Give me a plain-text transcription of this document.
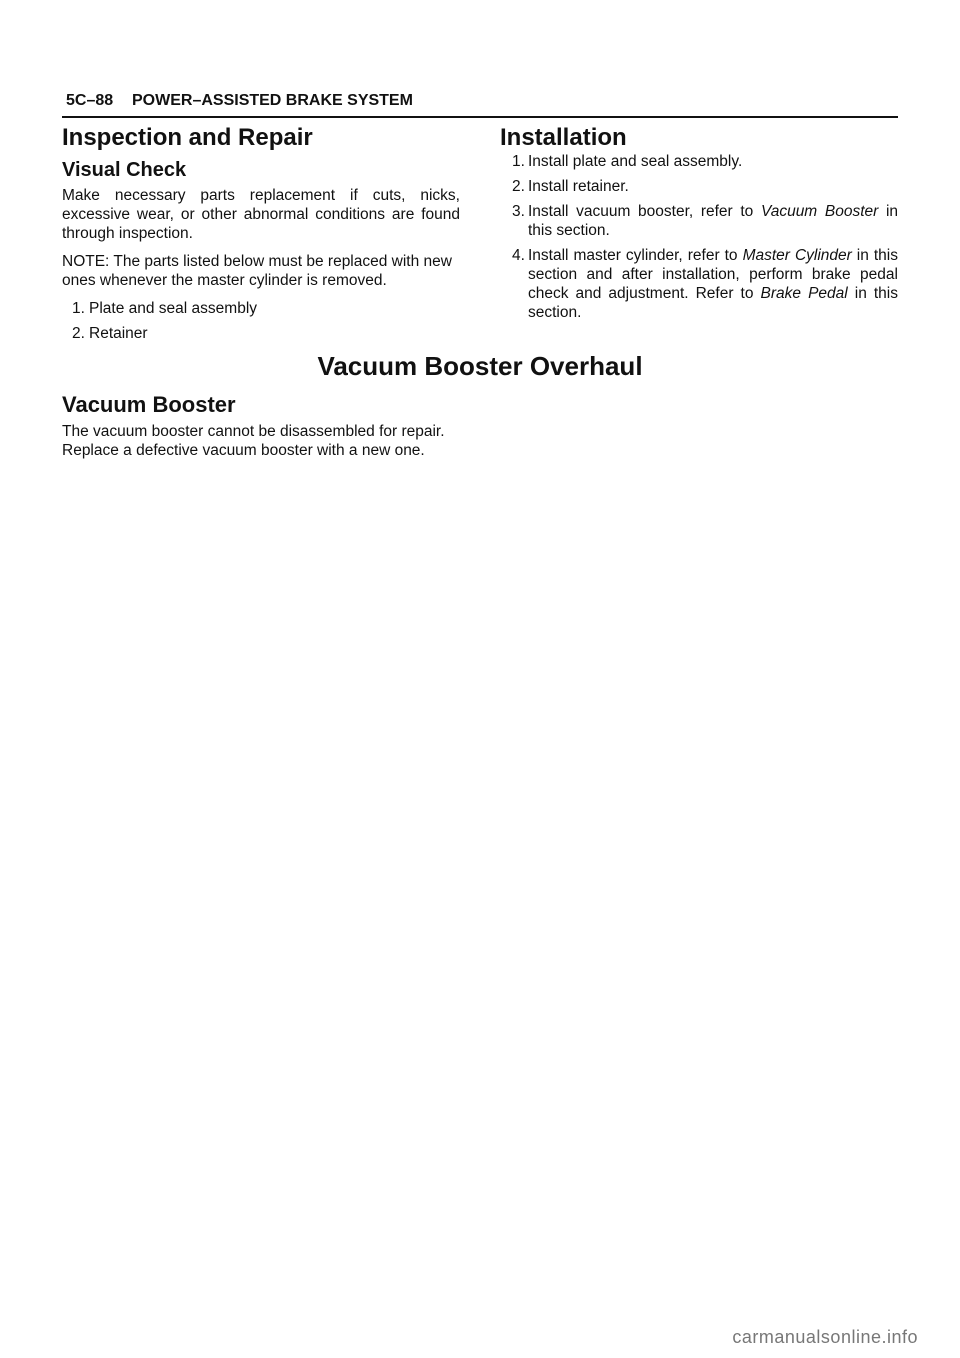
5C–88 POWER–ASSISTED BRAKE SYSTEM
Inspection and Repair
Visual Check

Make necessary parts replacement if cuts, nicks, excessive wear, or other abnormal conditions are found through inspection.

NOTE: The parts listed below must be replaced with new ones whenever the master cylinder is removed.

1. Plate and seal assembly
2. Retainer
Installation
1. Install plate and seal assembly.
2. Install retainer.
3. Install vacuum booster, refer to Vacuum Booster in this section.
4. Install master cylinder, refer to Master Cylinder in this section and after installation, perform brake pedal check and adjustment. Refer to Brake Pedal in this section.
Vacuum Booster Overhaul
Vacuum Booster

The vacuum booster cannot be disassembled for repair. Replace a defective vacuum booster with a new one.

carmanualsonline.info
